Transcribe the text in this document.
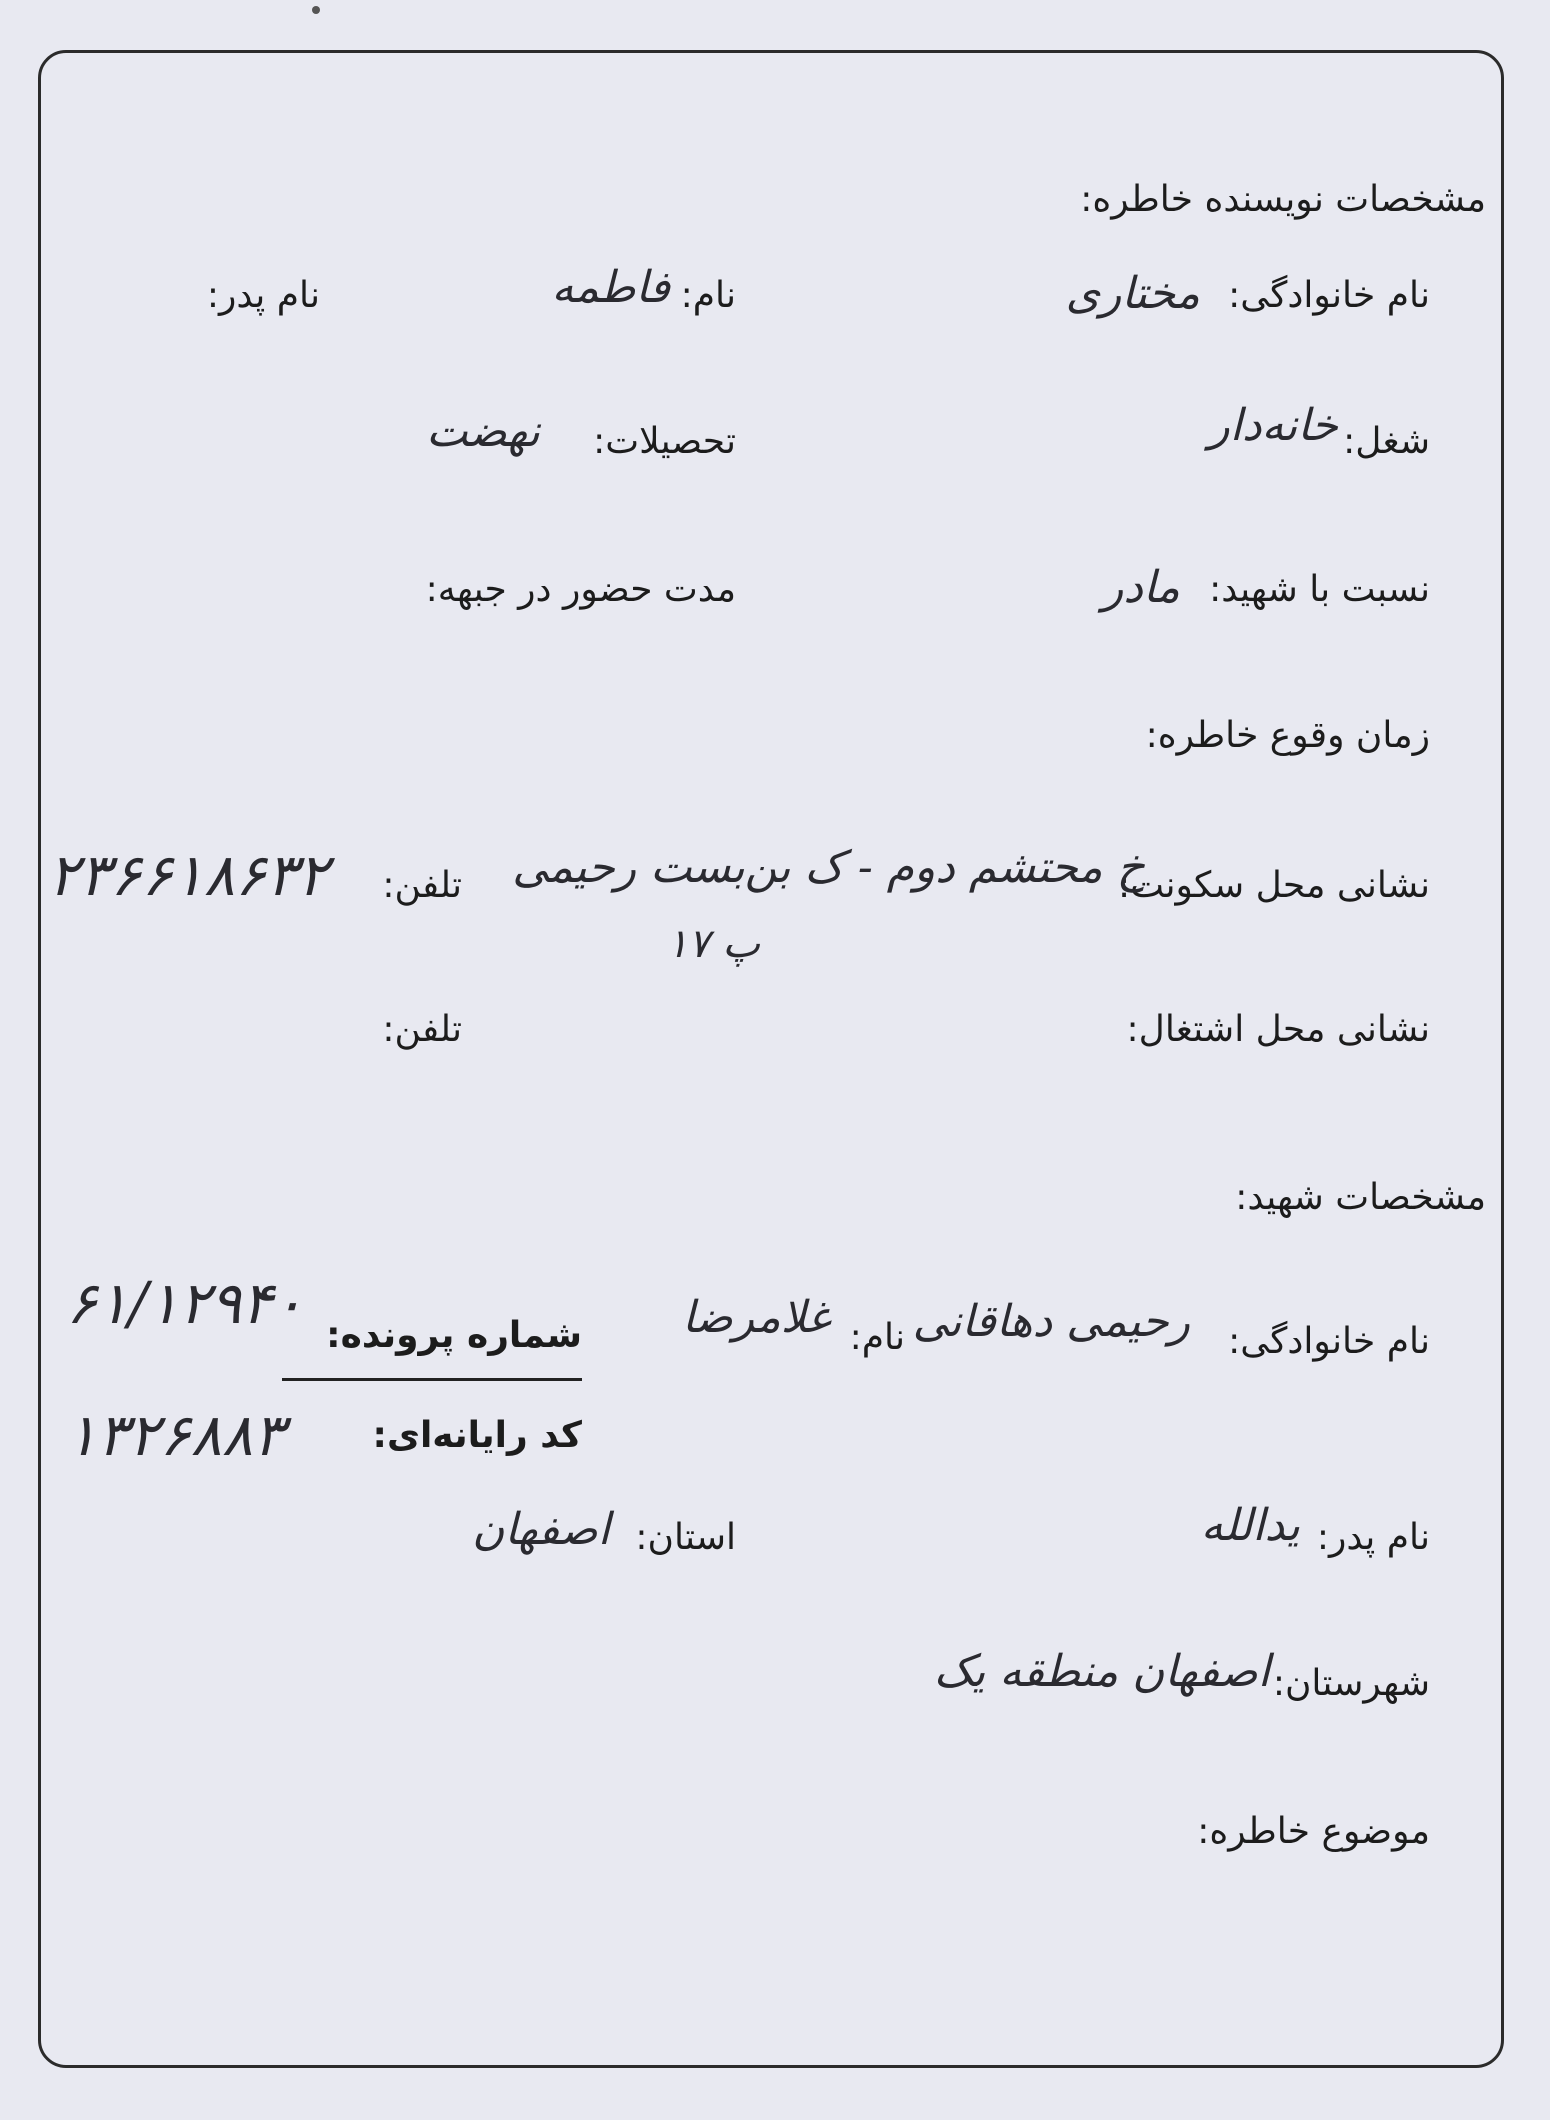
مشخصات نویسنده خاطره:
نام خانوادگی:
مختاری
نام:
فاطمه
نام پدر:
شغل:
خانه‌دار
تحصیلات:
نهضت
نسبت با شهید:
مادر
مدت حضور در جبهه:
زمان وقوع خاطره:
نشانی محل سکونت:
خ محتشم دوم - ک بن‌بست رحیمی
پ ۱۷
تلفن:
۲۳۶۶۱۸۶۳۲
نشانی محل اشتغال:
تلفن:
مشخصات شهید:
نام خانوادگی:
رحیمی دهاقانی
نام:
غلامرضا
شماره پرونده:
۶۱/۱۲۹۴۰
کد رایانه‌ای:
۱۳۲۶۸۸۳
نام پدر:
یدالله
استان:
اصفهان
شهرستان:
اصفهان منطقه یک
موضوع خاطره:
